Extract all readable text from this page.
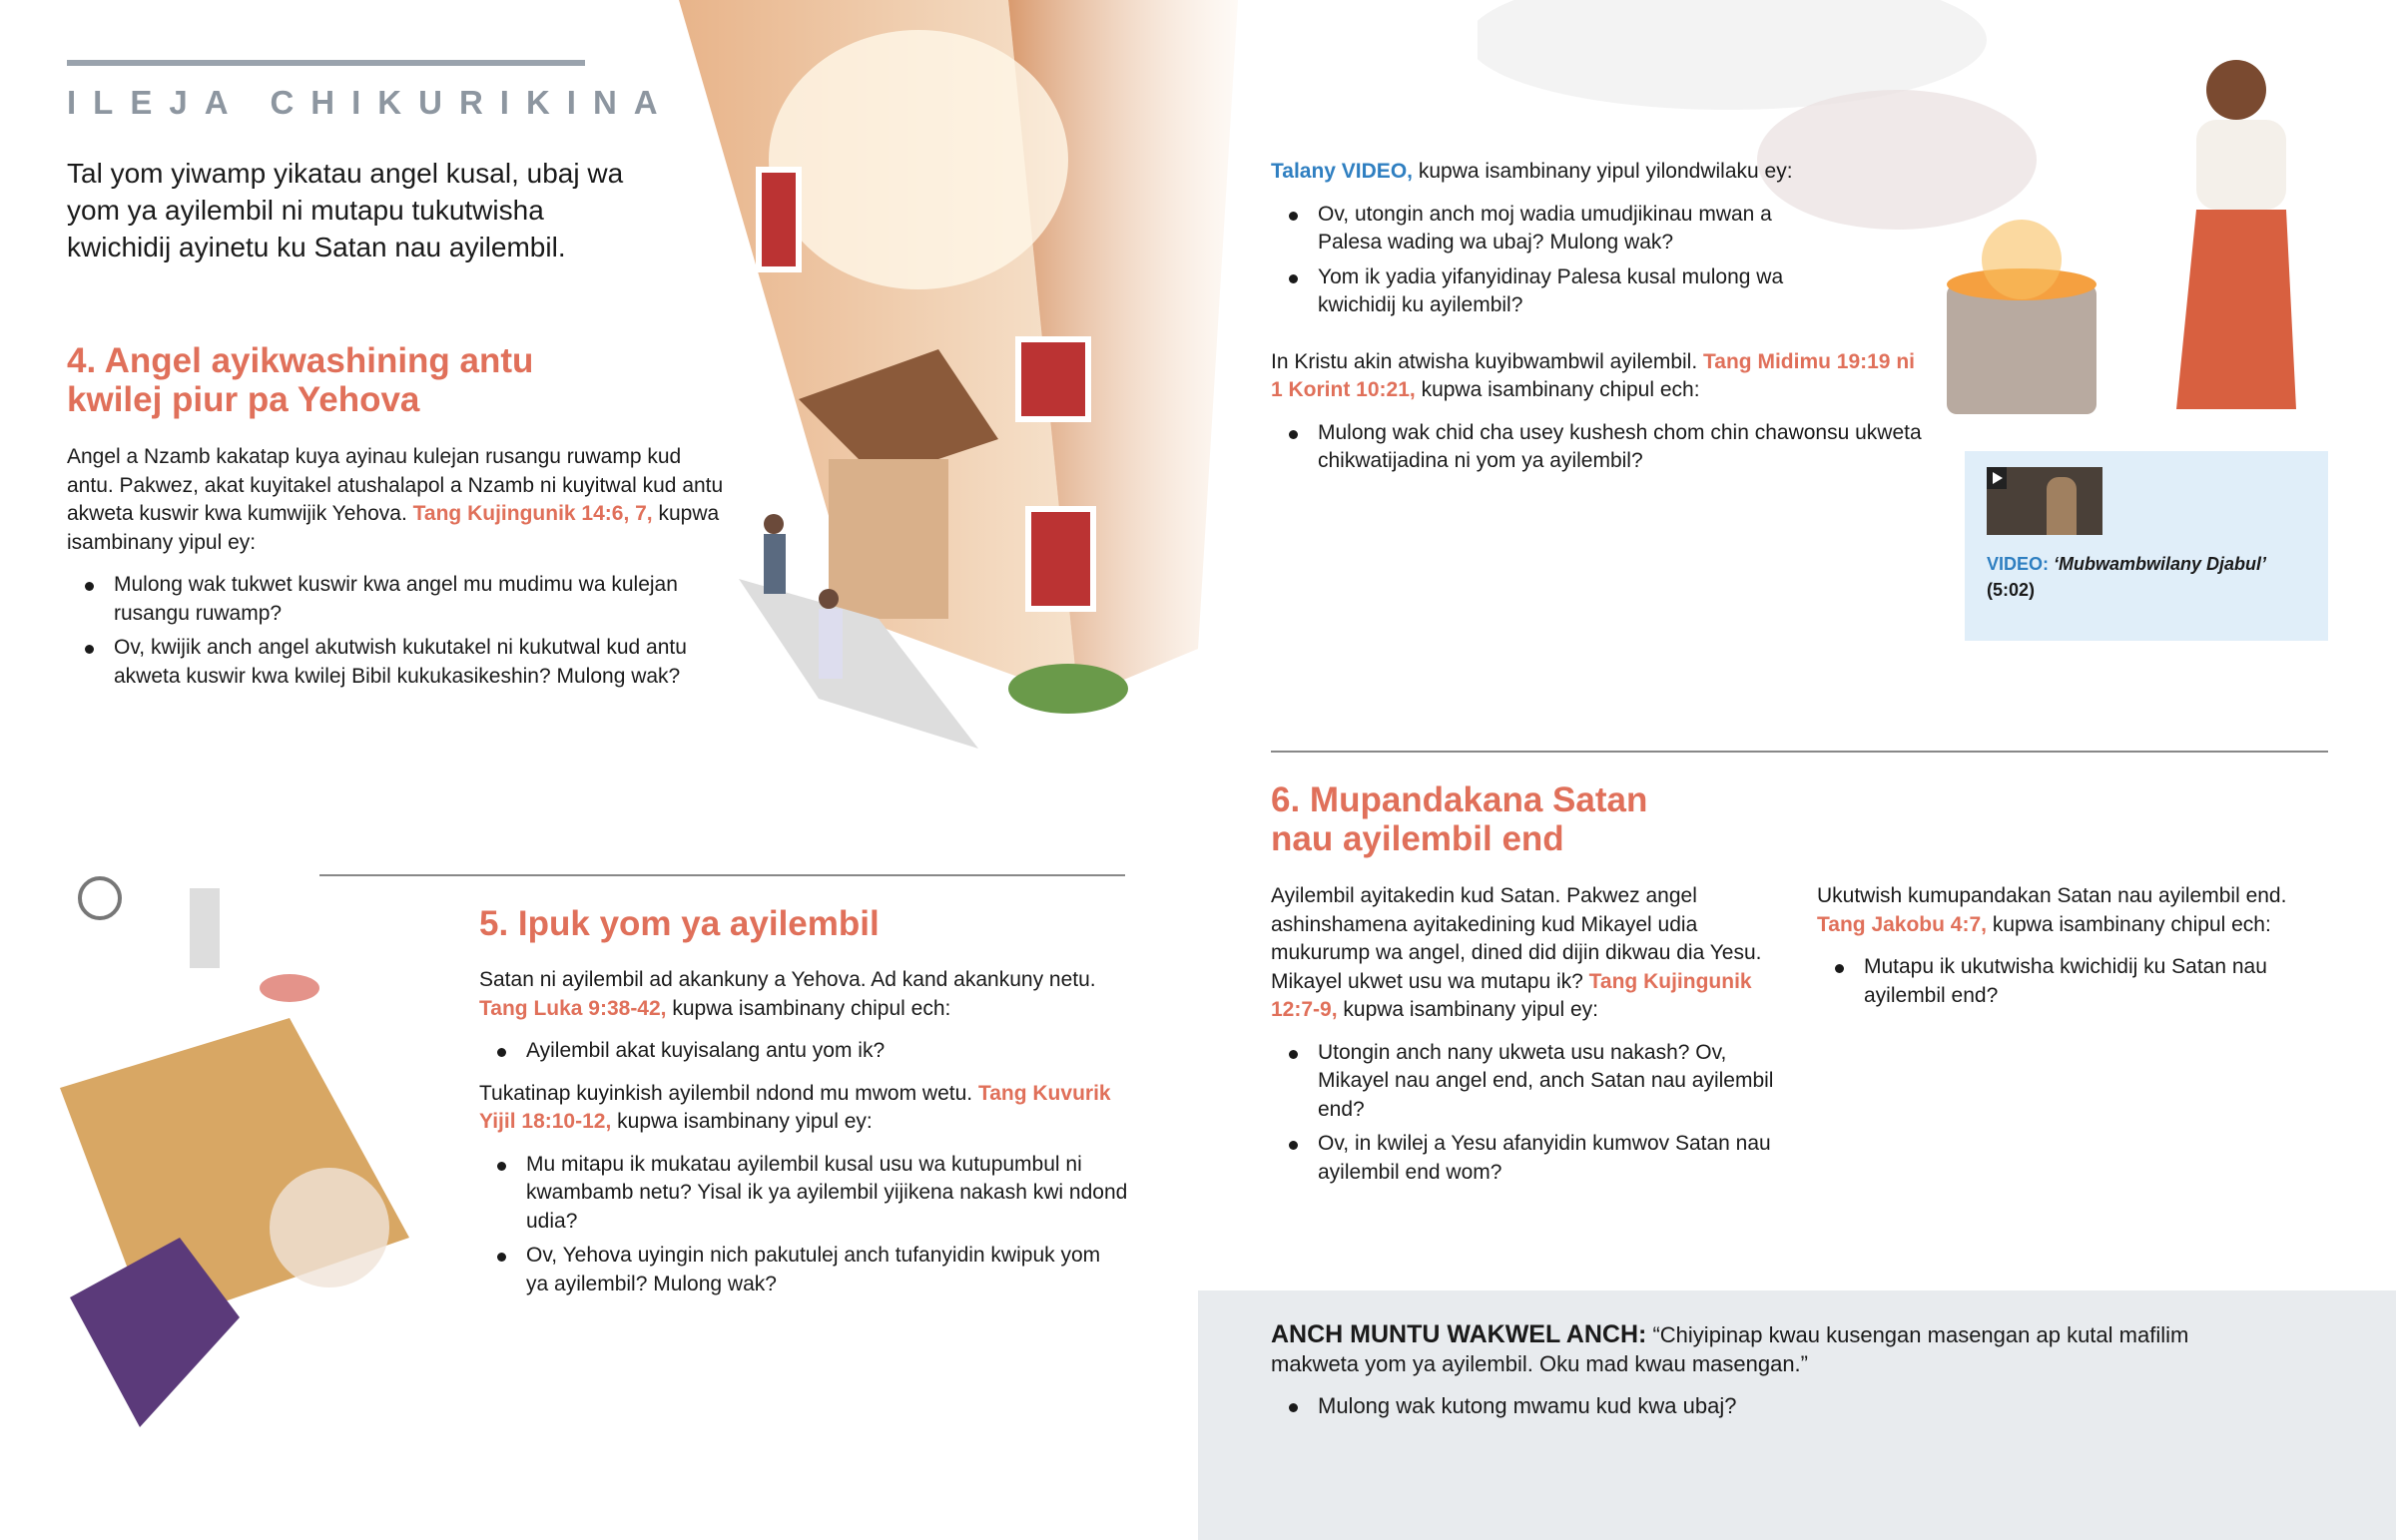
ILEJA CHIKURIKINA
Tal yom yiwamp yikatau angel kusal, ubaj wa yom ya ayilembil ni mutapu tukutwisha kwichidij ayinetu ku Satan nau ayilembil.
4. Angel ayikwashining antu
kwilej piur pa Yehova

Angel a Nzamb kakatap kuya ayinau kulejan rusangu ruwamp kud antu. Pakwez, akat kuyitakel atushalapol a Nzamb ni kuyitwal kud antu akweta kuswir kwa kumwijik Yehova. Tang Kujingunik 14:6, 7, kupwa isambinany yipul ey:

Mulong wak tukwet kuswir kwa angel mu mudimu wa kulejan rusangu ruwamp?
Ov, kwijik anch angel akutwish kukutakel ni kukutwal kud antu akweta kuswir kwa kwilej Bibil kukukasikeshin? Mulong wak?
5. Ipuk yom ya ayilembil

Satan ni ayilembil ad akankuny a Yehova. Ad kand akankuny netu. Tang Luka 9:38-42, kupwa isambinany chipul ech:

Ayilembil akat kuyisalang antu yom ik?

Tukatinap kuyinkish ayilembil ndond mu mwom wetu. Tang Kuvurik Yijil 18:10-12, kupwa isambinany yipul ey:

Mu mitapu ik mukatau ayilembil kusal usu wa kutupumbul ni kwambamb netu? Yisal ik ya ayilembil yijikena nakash kwi ndond udia?
Ov, Yehova uyingin nich pakutulej anch tufanyidin kwipuk yom ya ayilembil? Mulong wak?

Talany VIDEO, kupwa isambinany yipul yilondwilaku ey:

Ov, utongin anch moj wadia umudjikinau mwan a Palesa wading wa ubaj? Mulong wak?
Yom ik yadia yifanyidinay Palesa kusal mulong wa kwichidij ku ayilembil?

In Kristu akin atwisha kuyibwambwil ayilembil. Tang Midimu 19:19 ni 1 Korint 10:21, kupwa isambinany chipul ech:

Mulong wak chid cha usey kushesh chom chin chawonsu ukweta chikwatijadina ni yom ya ayilembil?
VIDEO: ‘Mubwambwilany Djabul’
(5:02)
6. Mupandakana Satan
nau ayilembil end

Ayilembil ayitakedin kud Satan. Pakwez angel ashinshamena ayitakedining kud Mikayel udia mukurump wa angel, dined did dijin dikwau dia Yesu. Mikayel ukwet usu wa mutapu ik? Tang Kujingunik 12:7-9, kupwa isambinany yipul ey:

Utongin anch nany ukweta usu nakash? Ov, Mikayel nau angel end, anch Satan nau ayilembil end?
Ov, in kwilej a Yesu afanyidin kumwov Satan nau ayilembil end wom?

Ukutwish kumupandakan Satan nau ayilembil end. Tang Jakobu 4:7, kupwa isambinany chipul ech:

Mutapu ik ukutwisha kwichidij ku Satan nau ayilembil end?

ANCH MUNTU WAKWEL ANCH: “Chiyipinap kwau kusengan masengan ap kutal mafilim makweta yom ya ayilembil. Oku mad kwau masengan.”

Mulong wak kutong mwamu kud kwa ubaj?
